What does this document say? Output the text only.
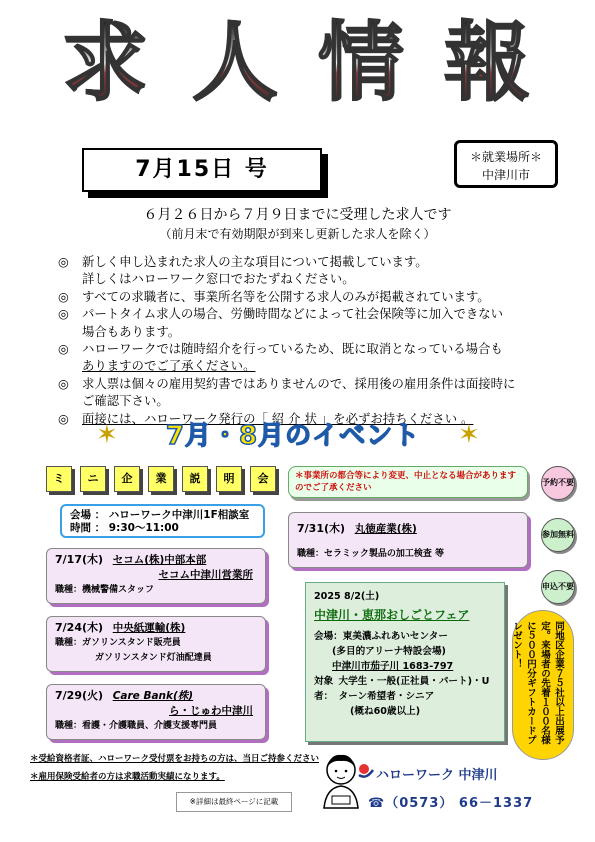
求 人 情 報
7月15日 号	＊就業場所＊
中津川市
６月２６日から７月９日までに受理した求人です
（前月末で有効期限が到来し更新した求人を除く）
◎ 新しく申し込まれた求人の主な項目について掲載しています。
詳しくはハローワーク窓口でおたずねください。
◎ すべての求職者に、事業所名等を公開する求人のみが掲載されています。
◎ パートタイム求人の場合、労働時間などによって社会保険等に加入できない
場合もあります。
◎ ハローワークでは随時紹介を行っているため、既に取消となっている場合も
ありますのでご了承ください。
◎ 求人票は個々の雇用契約書ではありませんので、採用後の雇用条件は面接時に
ご確認下さい。
◎ 面接には、ハローワーク発行の「 紹 介 状 」を必ずお持ちください 。
✶	7月・8月のイベント	✶
ミ	ニ	企	業	説	明	会	＊事業所の都合等により変更、中止となる場合がありますのでご了承ください
予約不要
参加無料
申込不要
会場 ： ハローワーク中津川1F相談室
時間 ： 9:30～11:00
7/17(木) セコム(株)中部本部
セコム中津川営業所
職種：機械警備スタッフ
7/24(木) 中央紙運輸(株)
職種：ガソリンスタンド販売員
ガソリンスタンド灯油配達員
7/29(火) Care Bank(株)
ら・じゅわ中津川
職種：看護・介護職員、介護支援専門員
7/31(木) 丸徳産業(株)
職種：セラミック製品の加工検査 等
2025 8/2(土)
中津川・恵那おしごとフェア
会場：東美濃ふれあいセンター
(多目的アリーナ特設会場)
中津川市茄子川 1683-797
対象者：
大学生・一般(正社員・パート)・Uターン希望者・シニア
(概ね60歳以上)	同地区企業７５社以上出展予定。来場者の先着１００名様に５００円分ギフトカードプレゼント！
＊受給資格者証、ハローワーク受付票をお持ちの方は、当日ご持参ください
＊雇用保険受給者の方は求職活動実績になります。
※詳細は最終ページに記載
ハローワーク 中津川
☎（0573） 66－1337
